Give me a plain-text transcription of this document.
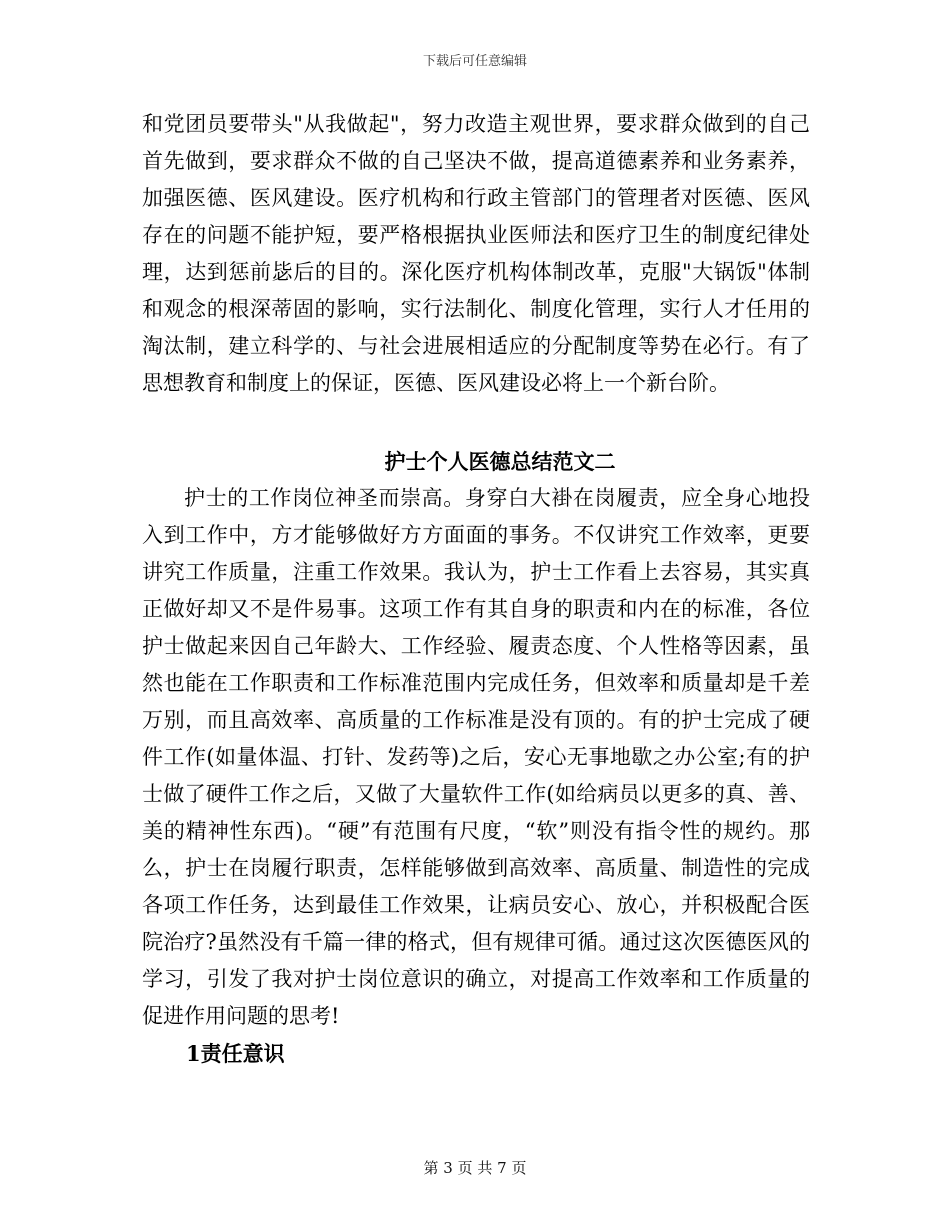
下载后可任意编辑
和党团员要带头"从我做起"，努力改造主观世界，要求群众做到的自己首先做到，要求群众不做的自己坚决不做，提高道德素养和业务素养，加强医德、医风建设。医疗机构和行政主管部门的管理者对医德、医风存在的问题不能护短，要严格根据执业医师法和医疗卫生的制度纪律处理，达到惩前毖后的目的。深化医疗机构体制改革，克服"大锅饭"体制和观念的根深蒂固的影响，实行法制化、制度化管理，实行人才任用的淘汰制，建立科学的、与社会进展相适应的分配制度等势在必行。有了思想教育和制度上的保证，医德、医风建设必将上一个新台阶。
护士个人医德总结范文二
护士的工作岗位神圣而崇高。身穿白大褂在岗履责，应全身心地投入到工作中，方才能够做好方方面面的事务。不仅讲究工作效率，更要讲究工作质量，注重工作效果。我认为，护士工作看上去容易，其实真正做好却又不是件易事。这项工作有其自身的职责和内在的标准，各位护士做起来因自己年龄大、工作经验、履责态度、个人性格等因素，虽然也能在工作职责和工作标准范围内完成任务，但效率和质量却是千差万别，而且高效率、高质量的工作标准是没有顶的。有的护士完成了硬件工作(如量体温、打针、发药等)之后，安心无事地歇之办公室;有的护士做了硬件工作之后，又做了大量软件工作(如给病员以更多的真、善、美的精神性东西)。“硬”有范围有尺度，“软”则没有指令性的规约。那么，护士在岗履行职责，怎样能够做到高效率、高质量、制造性的完成各项工作任务，达到最佳工作效果，让病员安心、放心，并积极配合医院治疗?虽然没有千篇一律的格式，但有规律可循。通过这次医德医风的学习，引发了我对护士岗位意识的确立，对提高工作效率和工作质量的促进作用问题的思考!
1责任意识
第 3 页 共 7 页
